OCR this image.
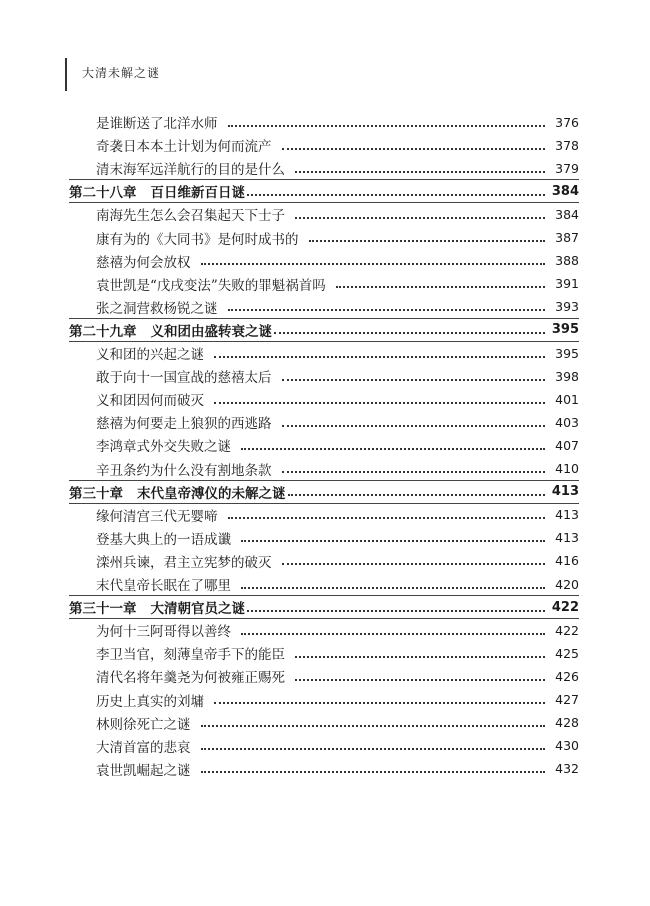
大清未解之谜
是谁断送了北洋水师	376
奇袭日本本土计划为何而流产	378
清末海军远洋航行的目的是什么	379
第二十八章 百日维新百日谜	384
南海先生怎么会召集起天下士子	384
康有为的《大同书》是何时成书的	387
慈禧为何会放权	388
袁世凯是“戊戌变法”失败的罪魁祸首吗	391
张之洞营救杨锐之谜	393
第二十九章 义和团由盛转衰之谜	395
义和团的兴起之谜	395
敢于向十一国宣战的慈禧太后	398
义和团因何而破灭	401
慈禧为何要走上狼狈的西逃路	403
李鸿章式外交失败之谜	407
辛丑条约为什么没有割地条款	410
第三十章 末代皇帝溥仪的未解之谜	413
缘何清宫三代无婴啼	413
登基大典上的一语成谶	413
滦州兵谏，君主立宪梦的破灭	416
末代皇帝长眠在了哪里	420
第三十一章 大清朝官员之谜	422
为何十三阿哥得以善终	422
李卫当官，刻薄皇帝手下的能臣	425
清代名将年羹尧为何被雍正赐死	426
历史上真实的刘墉	427
林则徐死亡之谜	428
大清首富的悲哀	430
袁世凯崛起之谜	432
